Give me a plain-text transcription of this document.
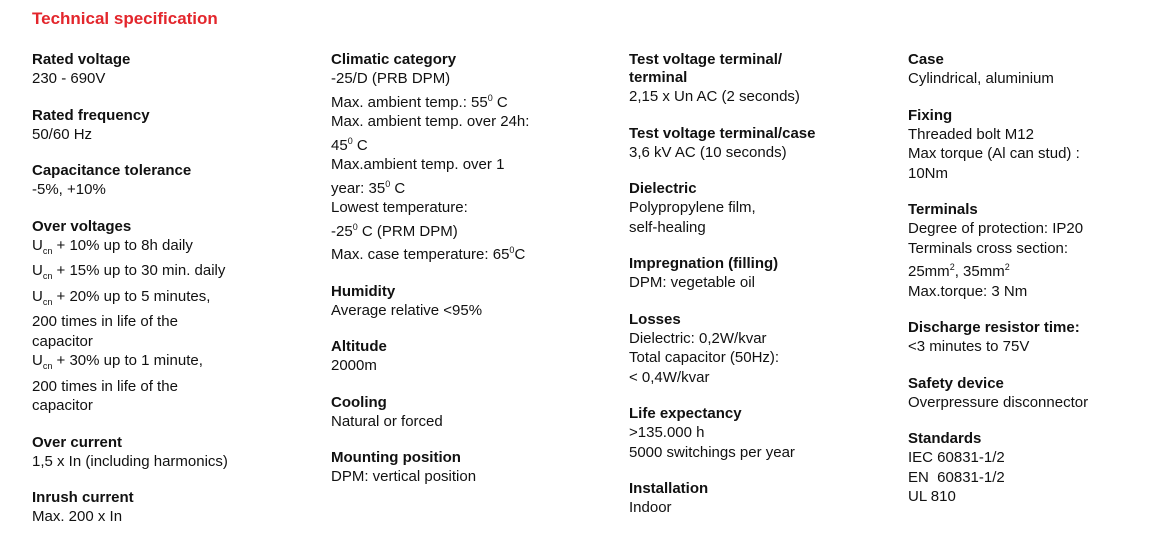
Technical specification
Rated voltage
230 - 690V
Rated frequency
50/60 Hz
Capacitance tolerance
-5%, +10%
Over voltages
$U_{cn} + 10\%$ up to 8h daily
$U_{cn} + 15\%$ up to 30 min. daily
$U_{cn} + 20\%$ up to 5 minutes,
200 times in life of the
capacitor
$U_{cn} + 30\%$ up to 1 minute,
200 times in life of the
capacitor
Over current
1,5 x In (including harmonics)
Inrush current
Max. 200 x In
Climatic category
-25/D (PRB DPM)
Max. ambient temp.: $55^0$ C
Max. ambient temp. over 24h:
$45^0$ C
Max.ambient temp. over 1
year: $35^0$ C
Lowest temperature:
$-25^0$ C (PRM DPM)
Max. case temperature: $65^0C$
Humidity
Average relative <95%
Altitude
2000m
Cooling
Natural or forced
Mounting position
DPM: vertical position
Test voltage terminal/ terminal
2,15 x Un AC (2 seconds)
Test voltage terminal/case
3,6 kV AC (10 seconds)
Dielectric
Polypropylene film,
self-healing
Impregnation (filling)
DPM: vegetable oil
Losses
Dielectric: 0,2W/kvar
Total capacitor (50Hz):
< 0,4W/kvar
Life expectancy
>135.000 h
5000 switchings per year
Installation
Indoor
Case
Cylindrical, aluminium
Fixing
Threaded bolt M12
Max torque (Al can stud) :
10Nm
Terminals
Degree of protection: IP20
Terminals cross section:
$25mm^2$, $35mm^2$
Max.torque: 3 Nm
Discharge resistor time:
<3 minutes to 75V
Safety device
Overpressure disconnector
Standards
IEC 60831-1/2
EN  60831-1/2
UL 810
